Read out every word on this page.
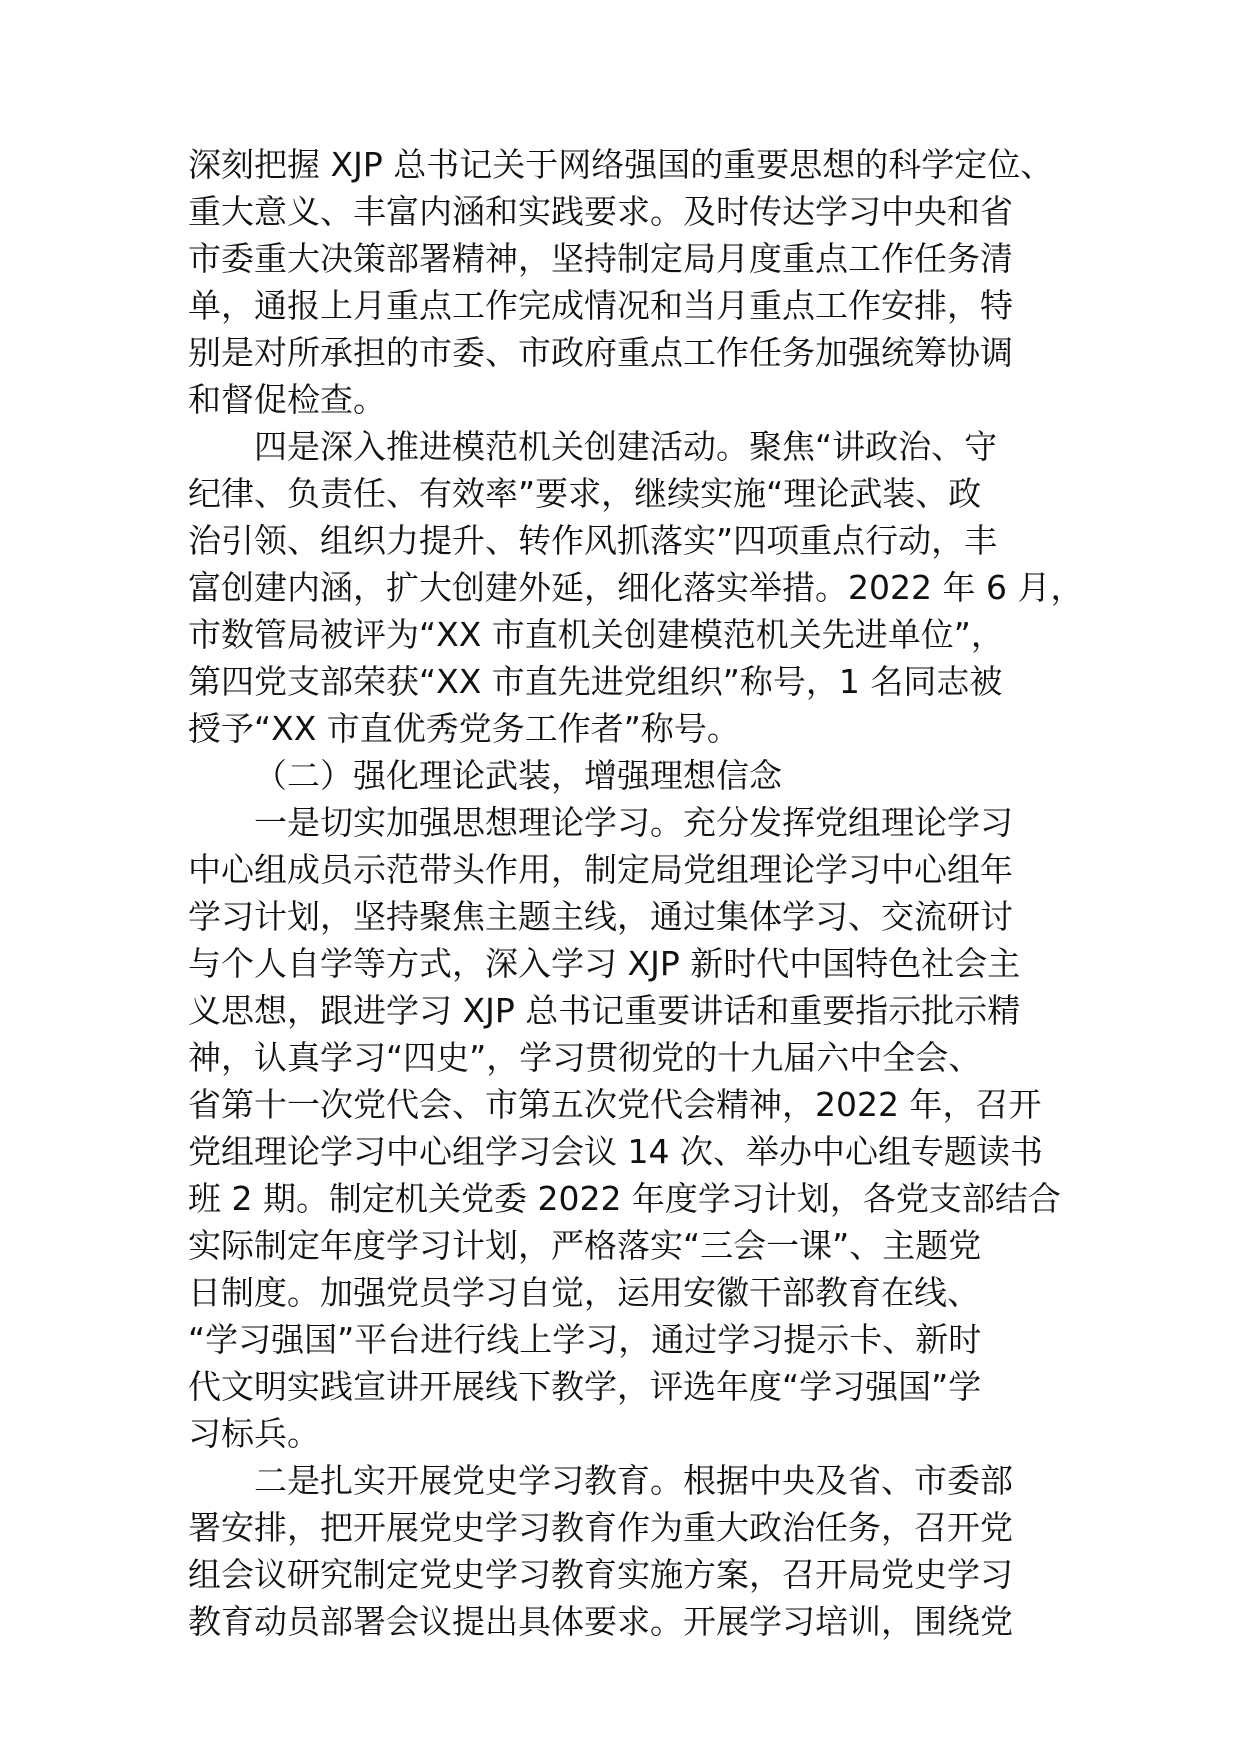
深刻把握 XJP 总书记关于网络强国的重要思想的科学定位、
重大意义、丰富内涵和实践要求。及时传达学习中央和省
市委重大决策部署精神，坚持制定局月度重点工作任务清
单，通报上月重点工作完成情况和当月重点工作安排，特
别是对所承担的市委、市政府重点工作任务加强统筹协调
和督促检查。
四是深入推进模范机关创建活动。聚焦“讲政治、守
纪律、负责任、有效率”要求，继续实施“理论武装、政
治引领、组织力提升、转作风抓落实”四项重点行动，丰
富创建内涵，扩大创建外延，细化落实举措。2022 年 6 月，
市数管局被评为“XX 市直机关创建模范机关先进单位”，
第四党支部荣获“XX 市直先进党组织”称号，1 名同志被
授予“XX 市直优秀党务工作者”称号。
（二）强化理论武装，增强理想信念
一是切实加强思想理论学习。充分发挥党组理论学习
中心组成员示范带头作用，制定局党组理论学习中心组年
学习计划，坚持聚焦主题主线，通过集体学习、交流研讨
与个人自学等方式，深入学习 XJP 新时代中国特色社会主
义思想，跟进学习 XJP 总书记重要讲话和重要指示批示精
神，认真学习“四史”，学习贯彻党的十九届六中全会、
省第十一次党代会、市第五次党代会精神，2022 年，召开
党组理论学习中心组学习会议 14 次、举办中心组专题读书
班 2 期。制定机关党委 2022 年度学习计划，各党支部结合
实际制定年度学习计划，严格落实“三会一课”、主题党
日制度。加强党员学习自觉，运用安徽干部教育在线、
“学习强国”平台进行线上学习，通过学习提示卡、新时
代文明实践宣讲开展线下教学，评选年度“学习强国”学
习标兵。
二是扎实开展党史学习教育。根据中央及省、市委部
署安排，把开展党史学习教育作为重大政治任务，召开党
组会议研究制定党史学习教育实施方案，召开局党史学习
教育动员部署会议提出具体要求。开展学习培训，围绕党
